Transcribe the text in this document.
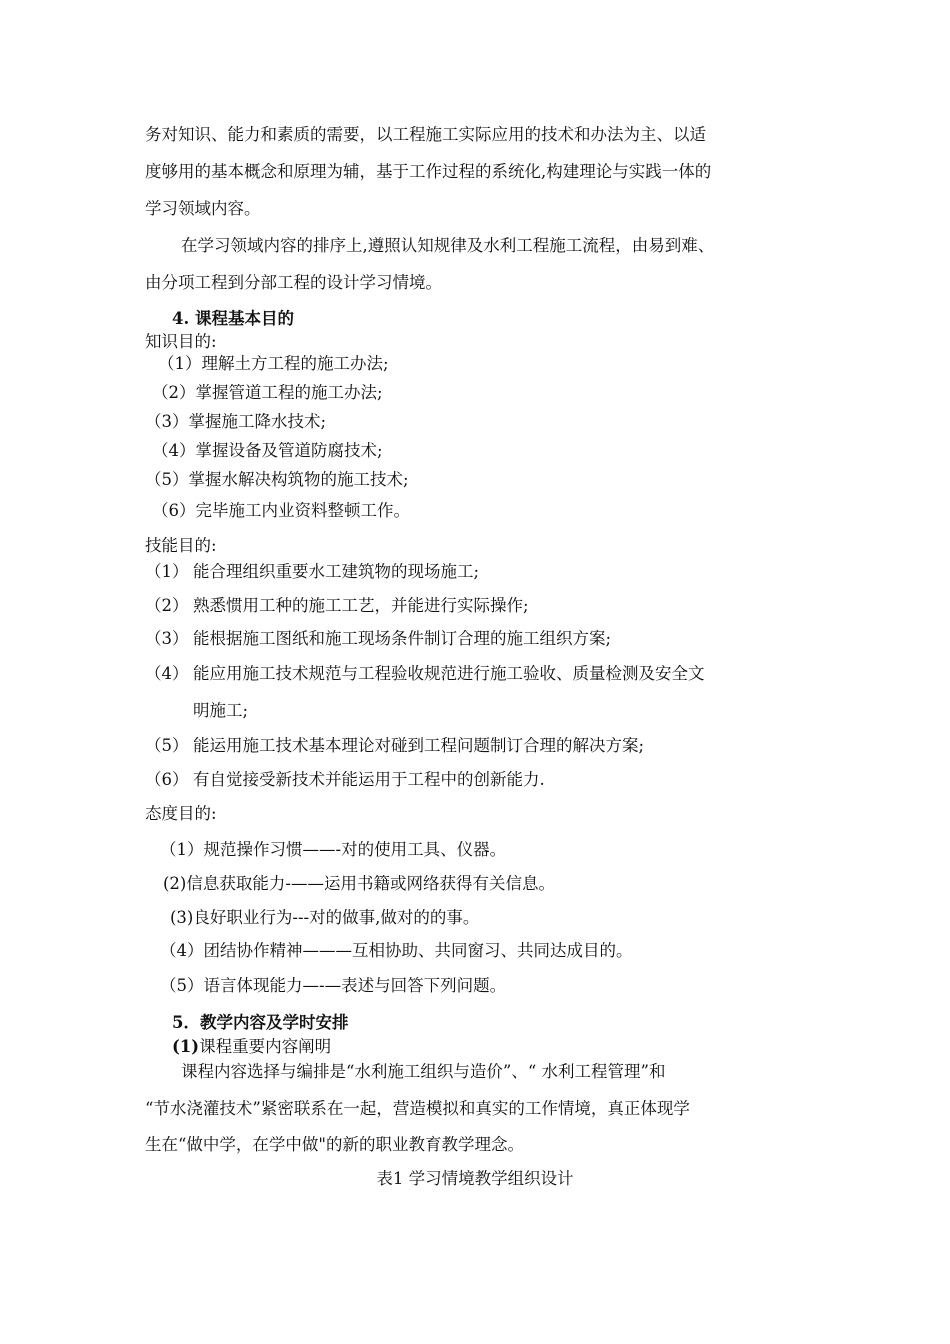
务对知识、能力和素质的需要，以工程施工实际应用的技术和办法为主、以适
度够用的基本概念和原理为辅，基于工作过程的系统化,构建理论与实践一体的
学习领域内容。
在学习领域内容的排序上,遵照认知规律及水利工程施工流程，由易到难、
由分项工程到分部工程的设计学习情境。
4. 课程基本目的
知识目的:
（1）理解土方工程的施工办法;
（2）掌握管道工程的施工办法;
（3）掌握施工降水技术;
（4）掌握设备及管道防腐技术;
（5）掌握水解决构筑物的施工技术;
（6）完毕施工内业资料整顿工作。
技能目的:
（1） 能合理组织重要水工建筑物的现场施工;
（2） 熟悉惯用工种的施工工艺，并能进行实际操作;
（3） 能根据施工图纸和施工现场条件制订合理的施工组织方案;
（4） 能应用施工技术规范与工程验收规范进行施工验收、质量检测及安全文
明施工;
（5） 能运用施工技术基本理论对碰到工程问题制订合理的解决方案;
（6） 有自觉接受新技术并能运用于工程中的创新能力.
态度目的:
（1）规范操作习惯——-对的使用工具、仪器。
(2)信息获取能力-——运用书籍或网络获得有关信息。
(3)良好职业行为---对的做事,做对的的事。
（4）团结协作精神———互相协助、共同窗习、共同达成目的。
（5）语言体现能力—-—表述与回答下列问题。
5．教学内容及学时安排
(1)课程重要内容阐明
课程内容选择与编排是“水利施工组织与造价”、“ 水利工程管理”和
“节水浇灌技术”紧密联系在一起，营造模拟和真实的工作情境，真正体现学
生在“做中学，在学中做"的新的职业教育教学理念。
表1 学习情境教学组织设计
